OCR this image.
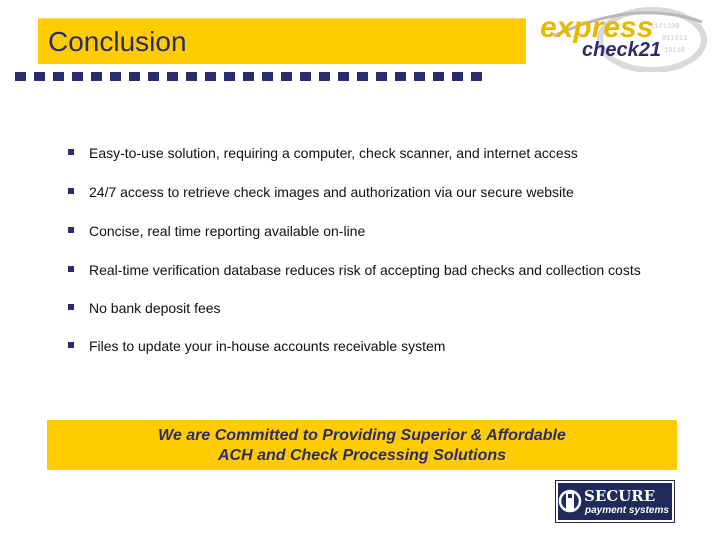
Conclusion	1101100
011011
10110
express
check21
Easy-to-use solution, requiring a computer, check scanner, and internet access
24/7 access to retrieve check images and authorization via our secure website
Concise, real time reporting available on-line
Real-time verification database reduces risk of accepting bad checks and collection costs
No bank deposit fees
Files to update your in-house accounts receivable system
We are Committed to Providing Superior & Affordable
ACH and Check Processing Solutions
SECURE
payment systems
